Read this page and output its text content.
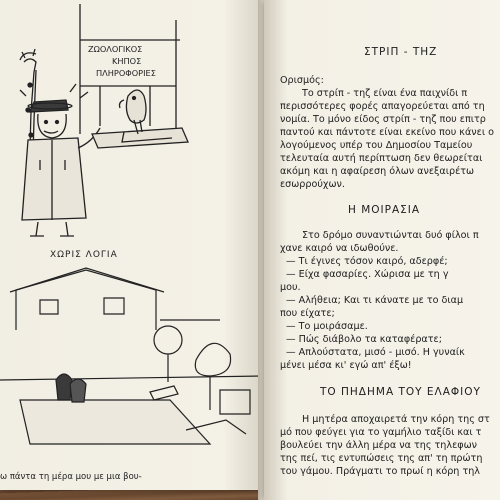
ΖΩΟΛΟΓΙΚΟΣ
ΚΗΠΟΣ
ΠΛΗΡΟΦΟΡΙΕΣ
ΧΩΡΙΣ ΛΟΓΙΑ
ω πάντα τη μέρα μου με μια βου-
ΣΤΡΙΠ - ΤΗΖ
Ορισμός:
Το στρίπ - τηζ είναι ένα παιχνίδι π
περισσότερες φορές απαγορεύεται από τη
νομία. Το μόνο είδος στρίπ - τηζ που επιτρ
παντού και πάντοτε είναι εκείνο που κάνει ο
λογούμενος υπέρ του Δημοσίου Ταμείου
τελευταία αυτή περίπτωση δεν θεωρείται
ακόμη και η αφαίρεση όλων ανεξαιρέτω
εσωρρούχων.
Η ΜΟΙΡΑΣΙΑ
Στο δρόμο συναντιώνται δυό φίλοι π
χανε καιρό να ιδωθούνε.
— Τι έγινες τόσον καιρό, αδερφέ;
— Είχα φασαρίες. Χώρισα με τη γ
μου.
— Αλήθεια; Και τι κάνατε με το διαμ
που είχατε;
— Το μοιράσαμε.
— Πώς διάβολο τα καταφέρατε;
— Απλούστατα, μισό - μισό. Η γυναίκ
μένει μέσα κι' εγώ απ' έξω!
ΤΟ ΠΗΔΗΜΑ ΤΟΥ ΕΛΑΦΙΟΥ
Η μητέρα αποχαιρετά την κόρη της στ
μό που φεύγει για το γαμήλιο ταξίδι και τ
βουλεύει την άλλη μέρα να της τηλεφων
της πεί, τις εντυπώσεις της απ' τη πρώτη
του γάμου. Πράγματι το πρωί η κόρη τηλ
